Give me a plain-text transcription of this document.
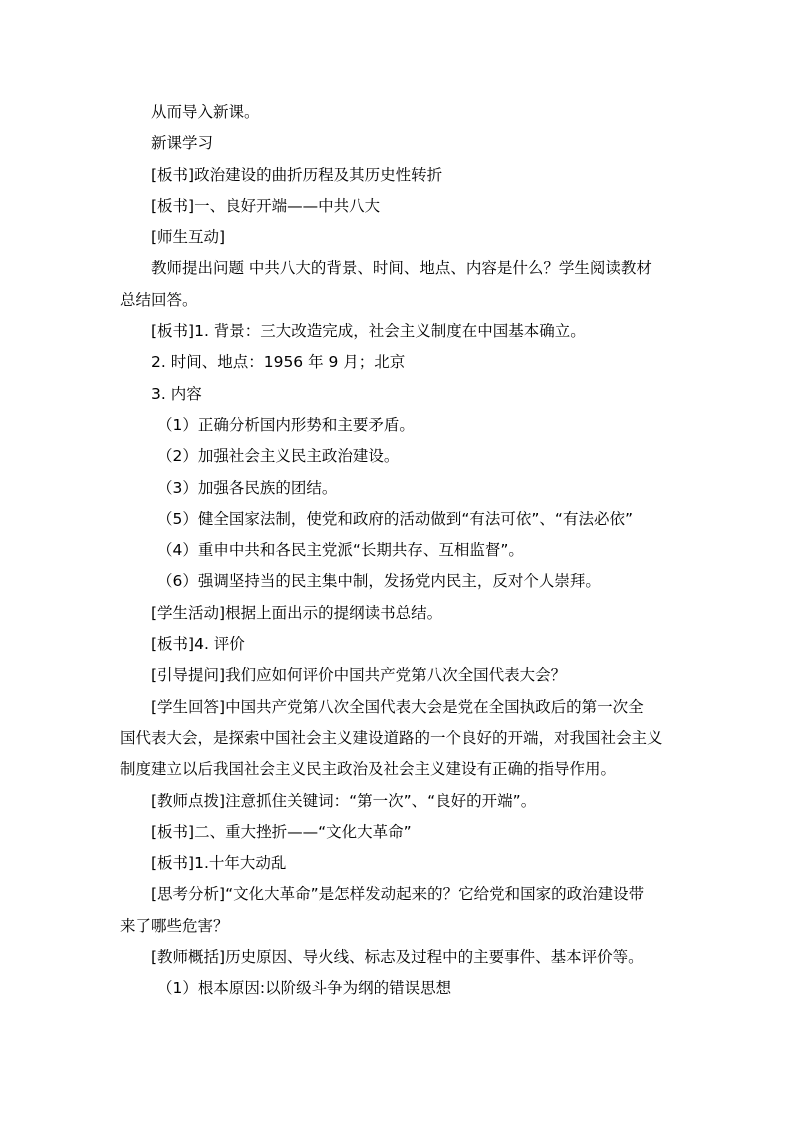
从而导入新课。
新课学习
[板书]政治建设的曲折历程及其历史性转折
[板书]一、良好开端——中共八大
[师生互动]
教师提出问题 中共八大的背景、时间、地点、内容是什么？学生阅读教材
总结回答。
[板书]1. 背景：三大改造完成，社会主义制度在中国基本确立。
2. 时间、地点：1956 年 9 月；北京
3. 内容
（1）正确分析国内形势和主要矛盾。
（2）加强社会主义民主政治建设。
（3）加强各民族的团结。
（5）健全国家法制，使党和政府的活动做到“有法可依”、“有法必依”
（4）重申中共和各民主党派“长期共存、互相监督”。
（6）强调坚持当的民主集中制，发扬党内民主，反对个人崇拜。
[学生活动]根据上面出示的提纲读书总结。
[板书]4. 评价
[引导提问]我们应如何评价中国共产党第八次全国代表大会？
[学生回答]中国共产党第八次全国代表大会是党在全国执政后的第一次全
国代表大会，是探索中国社会主义建设道路的一个良好的开端，对我国社会主义
制度建立以后我国社会主义民主政治及社会主义建设有正确的指导作用。
[教师点拨]注意抓住关键词：“第一次”、“良好的开端”。
[板书]二、重大挫折——“文化大革命”
[板书]1.十年大动乱
[思考分析]“文化大革命”是怎样发动起来的？它给党和国家的政治建设带
来了哪些危害？
[教师概括]历史原因、导火线、标志及过程中的主要事件、基本评价等。
（1）根本原因:以阶级斗争为纲的错误思想
